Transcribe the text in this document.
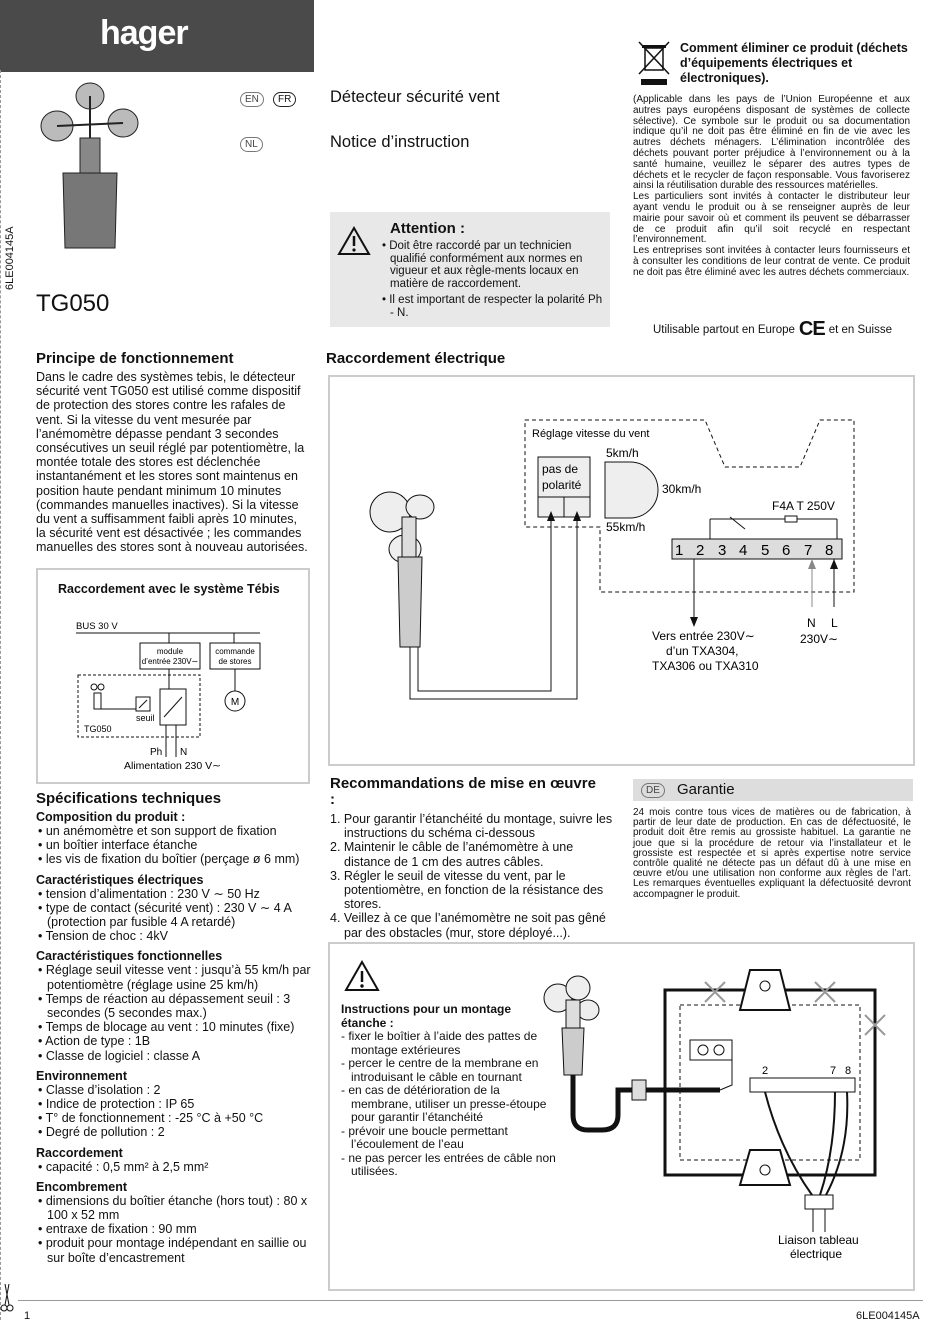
hager
6LE004145A
EN	FR
NL
Détecteur sécurité vent
Notice d’instruction
TG050
Attention :
• Doit être raccordé par un technicien qualifié conformément aux normes en vigueur et aux règle-ments locaux en matière de raccordement.
• Il est important de respecter la polarité Ph - N.
Comment éliminer ce produit (déchets d’équipements électriques et électroniques).
(Applicable dans les pays de l’Union Européenne et aux autres pays européens disposant de systèmes de collecte sélective). Ce symbole sur le produit ou sa documentation indique qu’il ne doit pas être éliminé en fin de vie avec les autres déchets ménagers. L’élimination incontrôlée des déchets pouvant porter préjudice à l’environnement ou à la santé humaine, veuillez le séparer des autres types de déchets et le recycler de façon responsable. Vous favoriserez ainsi la réutilisation durable des ressources matérielles.
Les particuliers sont invités à contacter le distributeur leur ayant vendu le produit ou à se renseigner auprès de leur mairie pour savoir où et comment ils peuvent se débarrasser de ce produit afin qu’il soit recyclé en respectant l’environnement.
Les entreprises sont invitées à contacter leurs fournisseurs et à consulter les conditions de leur contrat de vente. Ce produit ne doit pas être éliminé avec les autres déchets commerciaux.
Utilisable partout en Europe CE et en Suisse
Principe de fonctionnement
Dans le cadre des systèmes tebis, le détecteur sécurité vent TG050 est utilisé comme dispositif de protection des stores contre les rafales de vent. Si la vitesse du vent mesurée par l’anémomètre dépasse pendant 3 secondes consécutives un seuil réglé par potentiomètre, la montée totale des stores est déclenchée instantanément et les stores sont maintenus en position haute pendant minimum 10 minutes (commandes manuelles inactives). Si la vitesse du vent a suffisamment faibli après 10 minutes, la sécurité vent est désactivée ; les commandes manuelles des stores sont à nouveau autorisées.
Raccordement avec le système Tébis
BUS 30 V
module
d’entrée 230V∼
commande
de stores
M
seuil
TG050
Ph N
Alimentation 230 V∼
Raccordement électrique
Réglage vitesse du vent
pas de
polarité
5km/h
30km/h
55km/h
F4A T 250V
1 2 3 4 5 6 7 8
N L
230V∼
Vers entrée 230V∼
d’un TXA304,
TXA306 ou TXA310
Spécifications techniques
Composition du produit :
• un anémomètre et son support de fixation
• un boîtier interface étanche
• les vis de fixation du boîtier (perçage ø 6 mm)
Caractéristiques électriques
• tension d’alimentation : 230 V ∼ 50 Hz
• type de contact (sécurité vent) : 230 V ∼ 4 A (protection par fusible 4 A retardé)
• Tension de choc : 4kV
Caractéristiques fonctionnelles
• Réglage seuil vitesse vent : jusqu’à 55 km/h par potentiomètre (réglage usine 25 km/h)
• Temps de réaction au dépassement seuil : 3 secondes (5 secondes max.)
• Temps de blocage au vent : 10 minutes (fixe)
• Action de type : 1B
• Classe de logiciel : classe A
Environnement
• Classe d’isolation : 2
• Indice de protection : IP 65
• T° de fonctionnement : -25 °C à +50 °C
• Degré de pollution : 2
Raccordement
• capacité : 0,5 mm² à 2,5 mm²
Encombrement
• dimensions du boîtier étanche (hors tout) : 80 x 100 x 52 mm
• entraxe de fixation : 90 mm
• produit pour montage indépendant en saillie ou sur boîte d’encastrement
Recommandations de mise en œuvre :
1. Pour garantir l’étanchéité du montage, suivre les instructions du schéma ci-dessous
2. Maintenir le câble de l’anémomètre à une distance de 1 cm des autres câbles.
3. Régler le seuil de vitesse du vent, par le potentiomètre, en fonction de la résistance des stores.
4. Veillez à ce que l’anémomètre ne soit pas gêné par des obstacles (mur, store déployé...).
DE	Garantie
24 mois contre tous vices de matières ou de fabrication, à partir de leur date de production. En cas de défectuosité, le produit doit être remis au grossiste habituel. La garantie ne joue que si la procédure de retour via l’installateur et le grossiste est respectée et si après expertise notre service contrôle qualité ne détecte pas un défaut dû à une mise en œuvre et/ou une utilisation non conforme aux règles de l’art. Les remarques éventuelles expliquant la défectuosité devront accompagner le produit.
Instructions pour un montage étanche :
- fixer le boîtier à l’aide des pattes de montage extérieures
- percer le centre de la membrane en introduisant le câble en tournant
- en cas de détérioration de la membrane, utiliser un presse-étoupe pour garantir l’étanchéité
- prévoir une boucle permettant l’écoulement de l’eau
- ne pas percer les entrées de câble non utilisées.
2	7 8
Liaison tableau
électrique
1	6LE004145A
